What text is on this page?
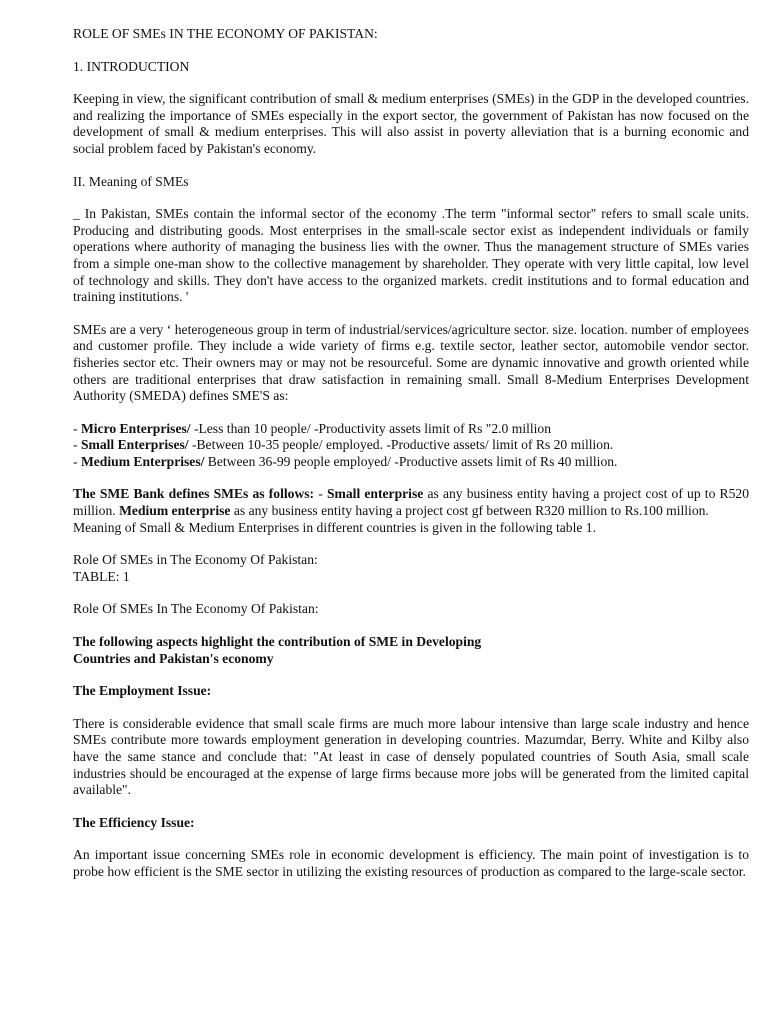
ROLE OF SMEs IN THE ECONOMY OF PAKISTAN:
1. INTRODUCTION

Keeping in view, the significant contribution of small & medium enterprises (SMEs) in the GDP in the developed countries. and realizing the importance of SMEs especially in the export sector, the government of Pakistan has now focused on the development of small & medium enterprises. This will also assist in poverty alleviation that is a burning economic and social problem faced by Pakistan's economy.

II. Meaning of SMEs

_ In Pakistan, SMEs contain the informal sector of the economy .The term "informal sector" refers to small scale units. Producing and distributing goods. Most enterprises in the small-scale sector exist as independent individuals or family operations where authority of managing the business lies with the owner. Thus the management structure of SMEs varies from a simple one-man show to the collective management by shareholder. They operate with very little capital, low level of technology and skills. They don't have access to the organized markets. credit institutions and to formal education and training institutions. '

SMEs are a very ‘ heterogeneous group in term of industrial/services/agriculture sector. size. location. number of employees and customer profile. They include a wide variety of firms e.g. textile sector, leather sector, automobile vendor sector. fisheries sector etc. Their owners may or may not be resourceful. Some are dynamic innovative and growth oriented while others are traditional enterprises that draw satisfaction in remaining small. Small 8-Medium Enterprises Development Authority (SMEDA) defines SME'S as:

- Micro Enterprises/ -Less than 10 people/ -Productivity assets limit of Rs "2.0 million
- Small Enterprises/ -Between 10-35 people/ employed. -Productive assets/ limit of Rs 20 million.
- Medium Enterprises/ Between 36-99 people employed/ -Productive assets limit of Rs 40 million.

The SME Bank defines SMEs as follows: - Small enterprise as any business entity having a project cost of up to R520 million. Medium enterprise as any business entity having a project cost gf between R320 million to Rs.100 million.

Meaning of Small & Medium Enterprises in different countries is given in the following table 1.

Role Of SMEs in The Economy Of Pakistan:
TABLE: 1
Role Of SMEs In The Economy Of Pakistan:
The following aspects highlight the contribution of SME in Developing
Countries and Pakistan's economy
The Employment Issue:

There is considerable evidence that small scale firms are much more labour intensive than large scale industry and hence SMEs contribute more towards employment generation in developing countries. Mazumdar, Berry. White and Kilby also have the same stance and conclude that: "At least in case of densely populated countries of South Asia, small scale industries should be encouraged at the expense of large firms because more jobs will be generated from the limited capital available".

The Efficiency Issue:

An important issue concerning SMEs role in economic development is efficiency. The main point of investigation is to probe how efficient is the SME sector in utilizing the existing resources of production as compared to the large-scale sector.
